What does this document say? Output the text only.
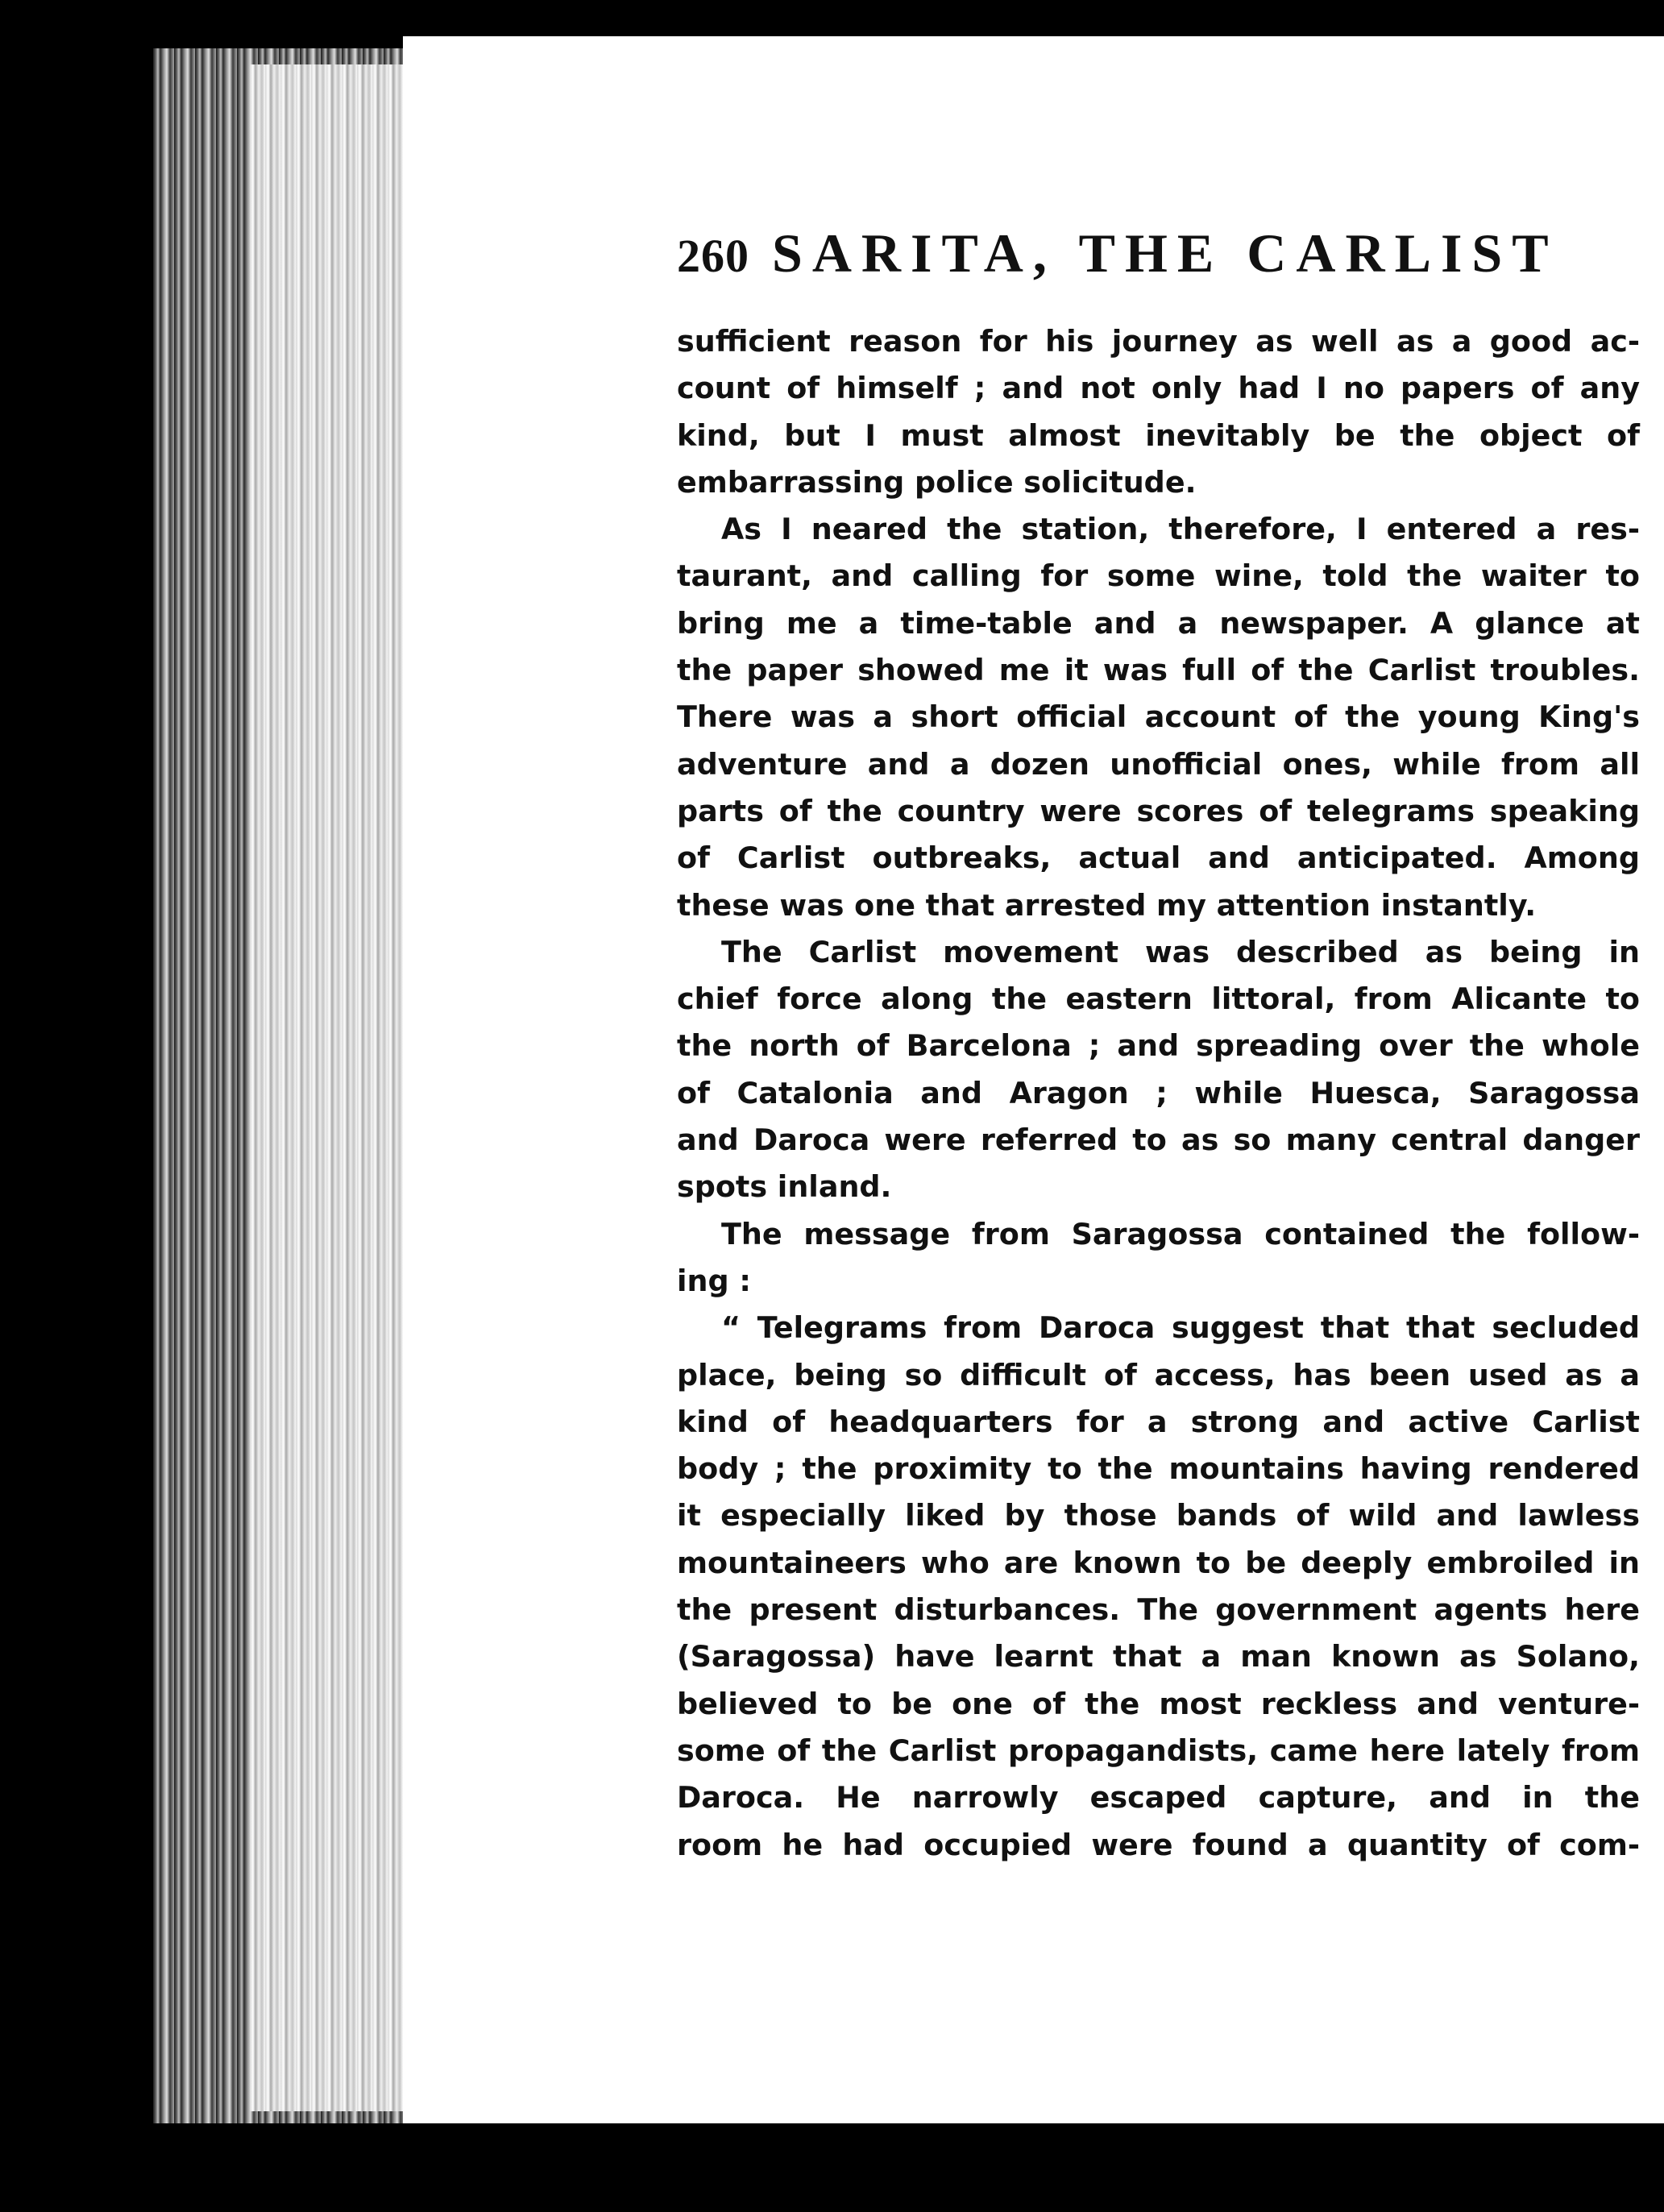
260 SARITA, THE CARLIST
sufficient reason for his journey as well as a good ac-
count of himself ; and not only had I no papers of any
kind, but I must almost inevitably be the object of
embarrassing police solicitude.
As I neared the station, therefore, I entered a res-
taurant, and calling for some wine, told the waiter to
bring me a time-table and a newspaper. A glance at
the paper showed me it was full of the Carlist troubles.
There was a short official account of the young King's
adventure and a dozen unofficial ones, while from all
parts of the country were scores of telegrams speaking
of Carlist outbreaks, actual and anticipated. Among
these was one that arrested my attention instantly.
The Carlist movement was described as being in
chief force along the eastern littoral, from Alicante to
the north of Barcelona ; and spreading over the whole
of Catalonia and Aragon ; while Huesca, Saragossa
and Daroca were referred to as so many central danger
spots inland.
The message from Saragossa contained the follow-
ing :
“ Telegrams from Daroca suggest that that secluded
place, being so difficult of access, has been used as a
kind of headquarters for a strong and active Carlist
body ; the proximity to the mountains having rendered
it especially liked by those bands of wild and lawless
mountaineers who are known to be deeply embroiled in
the present disturbances. The government agents here
(Saragossa) have learnt that a man known as Solano,
believed to be one of the most reckless and venture-
some of the Carlist propagandists, came here lately from
Daroca. He narrowly escaped capture, and in the
room he had occupied were found a quantity of com-
